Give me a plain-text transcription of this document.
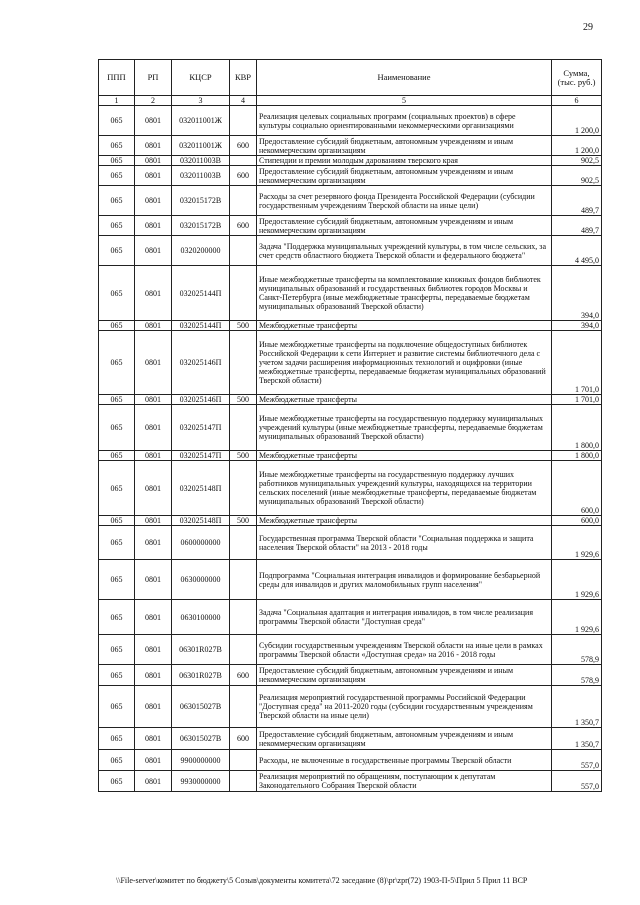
29
ППП	РП	КЦСР	КВР	Наименование	Сумма, (тыс. руб.)
1	2	3	4	5	6
065	0801	032011001Ж		Реализация целевых социальных программ (социальных проектов) в сфере культуры социально ориентированными некоммерческими организациями	1 200,0
065	0801	032011001Ж	600	Предоставление субсидий бюджетным, автономным учреждениям и иным некоммерческим организациям	1 200,0
065	0801	032011003В		Стипендии и премии молодым дарованиям тверского края	902,5
065	0801	032011003В	600	Предоставление субсидий бюджетным, автономным учреждениям и иным некоммерческим организациям	902,5
065	0801	032015172В		Расходы за счет резервного фонда Президента Российской Федерации (субсидии государственным учреждениям Тверской области на иные цели)	489,7
065	0801	032015172В	600	Предоставление субсидий бюджетным, автономным учреждениям и иным некоммерческим организациям	489,7
065	0801	0320200000		Задача "Поддержка муниципальных учреждений культуры, в том числе сельских, за счет средств областного бюджета Тверской области и федерального бюджета"	4 495,0
065	0801	032025144П		Иные межбюджетные трансферты на комплектование книжных фондов библиотек муниципальных образований и государственных библиотек городов Москвы и Санкт-Петербурга (иные межбюджетные трансферты, передаваемые бюджетам муниципальных образований Тверской области)	394,0
065	0801	032025144П	500	Межбюджетные трансферты	394,0
065	0801	032025146П		Иные межбюджетные трансферты на подключение общедоступных библиотек Российской Федерации к сети Интернет и развитие системы библиотечного дела с учетом задачи расширения информационных технологий и оцифровки (иные межбюджетные трансферты, передаваемые бюджетам муниципальных образований Тверской области)	1 701,0
065	0801	032025146П	500	Межбюджетные трансферты	1 701,0
065	0801	032025147П		Иные межбюджетные трансферты на государственную поддержку муниципальных учреждений культуры (иные межбюджетные трансферты, передаваемые бюджетам муниципальных образований Тверской области)	1 800,0
065	0801	032025147П	500	Межбюджетные трансферты	1 800,0
065	0801	032025148П		Иные межбюджетные трансферты на государственную поддержку лучших работников муниципальных учреждений культуры, находящихся на территории сельских поселений (иные межбюджетные трансферты, передаваемые бюджетам муниципальных образований Тверской области)	600,0
065	0801	032025148П	500	Межбюджетные трансферты	600,0
065	0801	0600000000		Государственная программа Тверской области "Социальная поддержка и защита населения Тверской области" на 2013 - 2018 годы	1 929,6
065	0801	0630000000		Подпрограмма "Социальная интеграция инвалидов и формирование безбарьерной среды для инвалидов и других маломобильных групп населения"	1 929,6
065	0801	0630100000		Задача "Социальная адаптация и интеграция инвалидов, в том числе реализация программы Тверской области "Доступная среда"	1 929,6
065	0801	06301R027В		Субсидии государственным учреждениям Тверской области на иные цели в рамках программы Тверской области «Доступная среда» на 2016 - 2018 годы	578,9
065	0801	06301R027В	600	Предоставление субсидий бюджетным, автономным учреждениям и иным некоммерческим организациям	578,9
065	0801	063015027В		Реализация мероприятий государственной программы Российской Федерации "Доступная среда" на 2011-2020 годы (субсидии государственным учреждениям Тверской области на иные цели)	1 350,7
065	0801	063015027В	600	Предоставление субсидий бюджетным, автономным учреждениям и иным некоммерческим организациям	1 350,7
065	0801	9900000000		Расходы, не включенные в государственные программы Тверской области	557,0
065	0801	9930000000		Реализация мероприятий по обращениям, поступающим к депутатам Законодательного Собрания Тверской области	557,0
\\File-server\комитет по бюджету\5 Созыв\документы комитета\72 заседание (8)\pr\zpr(72) 1903-П-5\Прил 5 Прил 11 ВСР
